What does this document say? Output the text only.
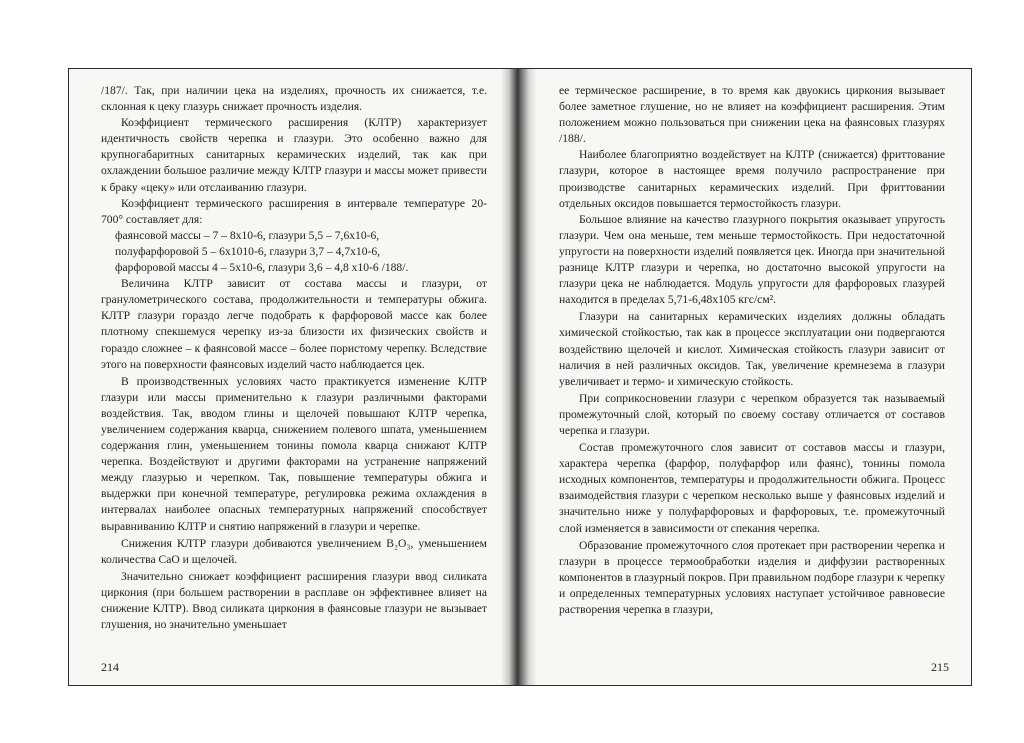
/187/. Так, при наличии цека на изделиях, прочность их снижается, т.е. склонная к цеку глазурь снижает прочность изделия.

Коэффициент термического расширения (КЛТР) характеризует идентичность свойств черепка и глазури. Это особенно важно для крупногабаритных санитарных керамических изделий, так как при охлаждении большое различие между КЛТР глазури и массы может привести к браку «цеку» или отслаиванию глазури.

Коэффициент термического расширения в интервале температуре 20-700° составляет для:

фаянсовой массы – 7 – 8x10-6, глазури 5,5 – 7,6x10-6,

полуфарфоровой 5 – 6x1010-6, глазури 3,7 – 4,7x10-6,

фарфоровой массы 4 – 5x10-6, глазури 3,6 – 4,8 x10-6 /188/.

Величина КЛТР зависит от состава массы и глазури, от гранулометрического состава, продолжительности и температуры обжига. КЛТР глазури гораздо легче подобрать к фарфоровой массе как более плотному спекшемуся черепку из-за близости их физических свойств и гораздо сложнее – к фаянсовой массе – более пористому черепку. Вследствие этого на поверхности фаянсовых изделий часто наблюдается цек.

В производственных условиях часто практикуется изменение КЛТР глазури или массы применительно к глазури различными факторами воздействия. Так, вводом глины и щелочей повышают КЛТР черепка, увеличением содержания кварца, снижением полевого шпата, уменьшением содержания глин, уменьшением тонины помола кварца снижают КЛТР черепка. Воздействуют и другими факторами на устранение напряжений между глазурью и черепком. Так, повышение температуры обжига и выдержки при конечной температуре, регулировка режима охлаждения в интервалах наиболее опасных температурных напряжений способствует выравниванию КЛТР и снятию напряжений в глазури и черепке.

Снижения КЛТР глазури добиваются увеличением B₂O₃, уменьшением количества CaO и щелочей.

Значительно снижает коэффициент расширения глазури ввод силиката циркония (при большем растворении в расплаве он эффективнее влияет на снижение КЛТР). Ввод силиката циркония в фаянсовые глазури не вызывает глушения, но значительно уменьшает

ее термическое расширение, в то время как двуокись циркония вызывает более заметное глушение, но не влияет на коэффициент расширения. Этим положением можно пользоваться при снижении цека на фаянсовых глазурях /188/.

Наиболее благоприятно воздействует на КЛТР (снижается) фриттование глазури, которое в настоящее время получило распространение при производстве санитарных керамических изделий. При фриттовании отдельных оксидов повышается термостойкость глазури.

Большое влияние на качество глазурного покрытия оказывает упругость глазури. Чем она меньше, тем меньше термостойкость. При недостаточной упругости на поверхности изделий появляется цек. Иногда при значительной разнице КЛТР глазури и черепка, но достаточно высокой упругости на глазури цека не наблюдается. Модуль упругости для фарфоровых глазурей находится в пределах 5,71-6,48x105 кгс/см².

Глазури на санитарных керамических изделиях должны обладать химической стойкостью, так как в процессе эксплуатации они подвергаются воздействию щелочей и кислот. Химическая стойкость глазури зависит от наличия в ней различных оксидов. Так, увеличение кремнезема в глазури увеличивает и термо- и химическую стойкость.

При соприкосновении глазури с черепком образуется так называемый промежуточный слой, который по своему составу отличается от составов черепка и глазури.

Состав промежуточного слоя зависит от составов массы и глазури, характера черепка (фарфор, полуфарфор или фаянс), тонины помола исходных компонентов, температуры и продолжительности обжига. Процесс взаимодействия глазури с черепком несколько выше у фаянсовых изделий и значительно ниже у полуфарфоровых и фарфоровых, т.е. промежуточный слой изменяется в зависимости от спекания черепка.

Образование промежуточного слоя протекает при растворении черепка и глазури в процессе термообработки изделия и диффузии растворенных компонентов в глазурный покров. При правильном подборе глазури к черепку и определенных температурных условиях наступает устойчивое равновесие растворения черепка в глазури,

214	215
